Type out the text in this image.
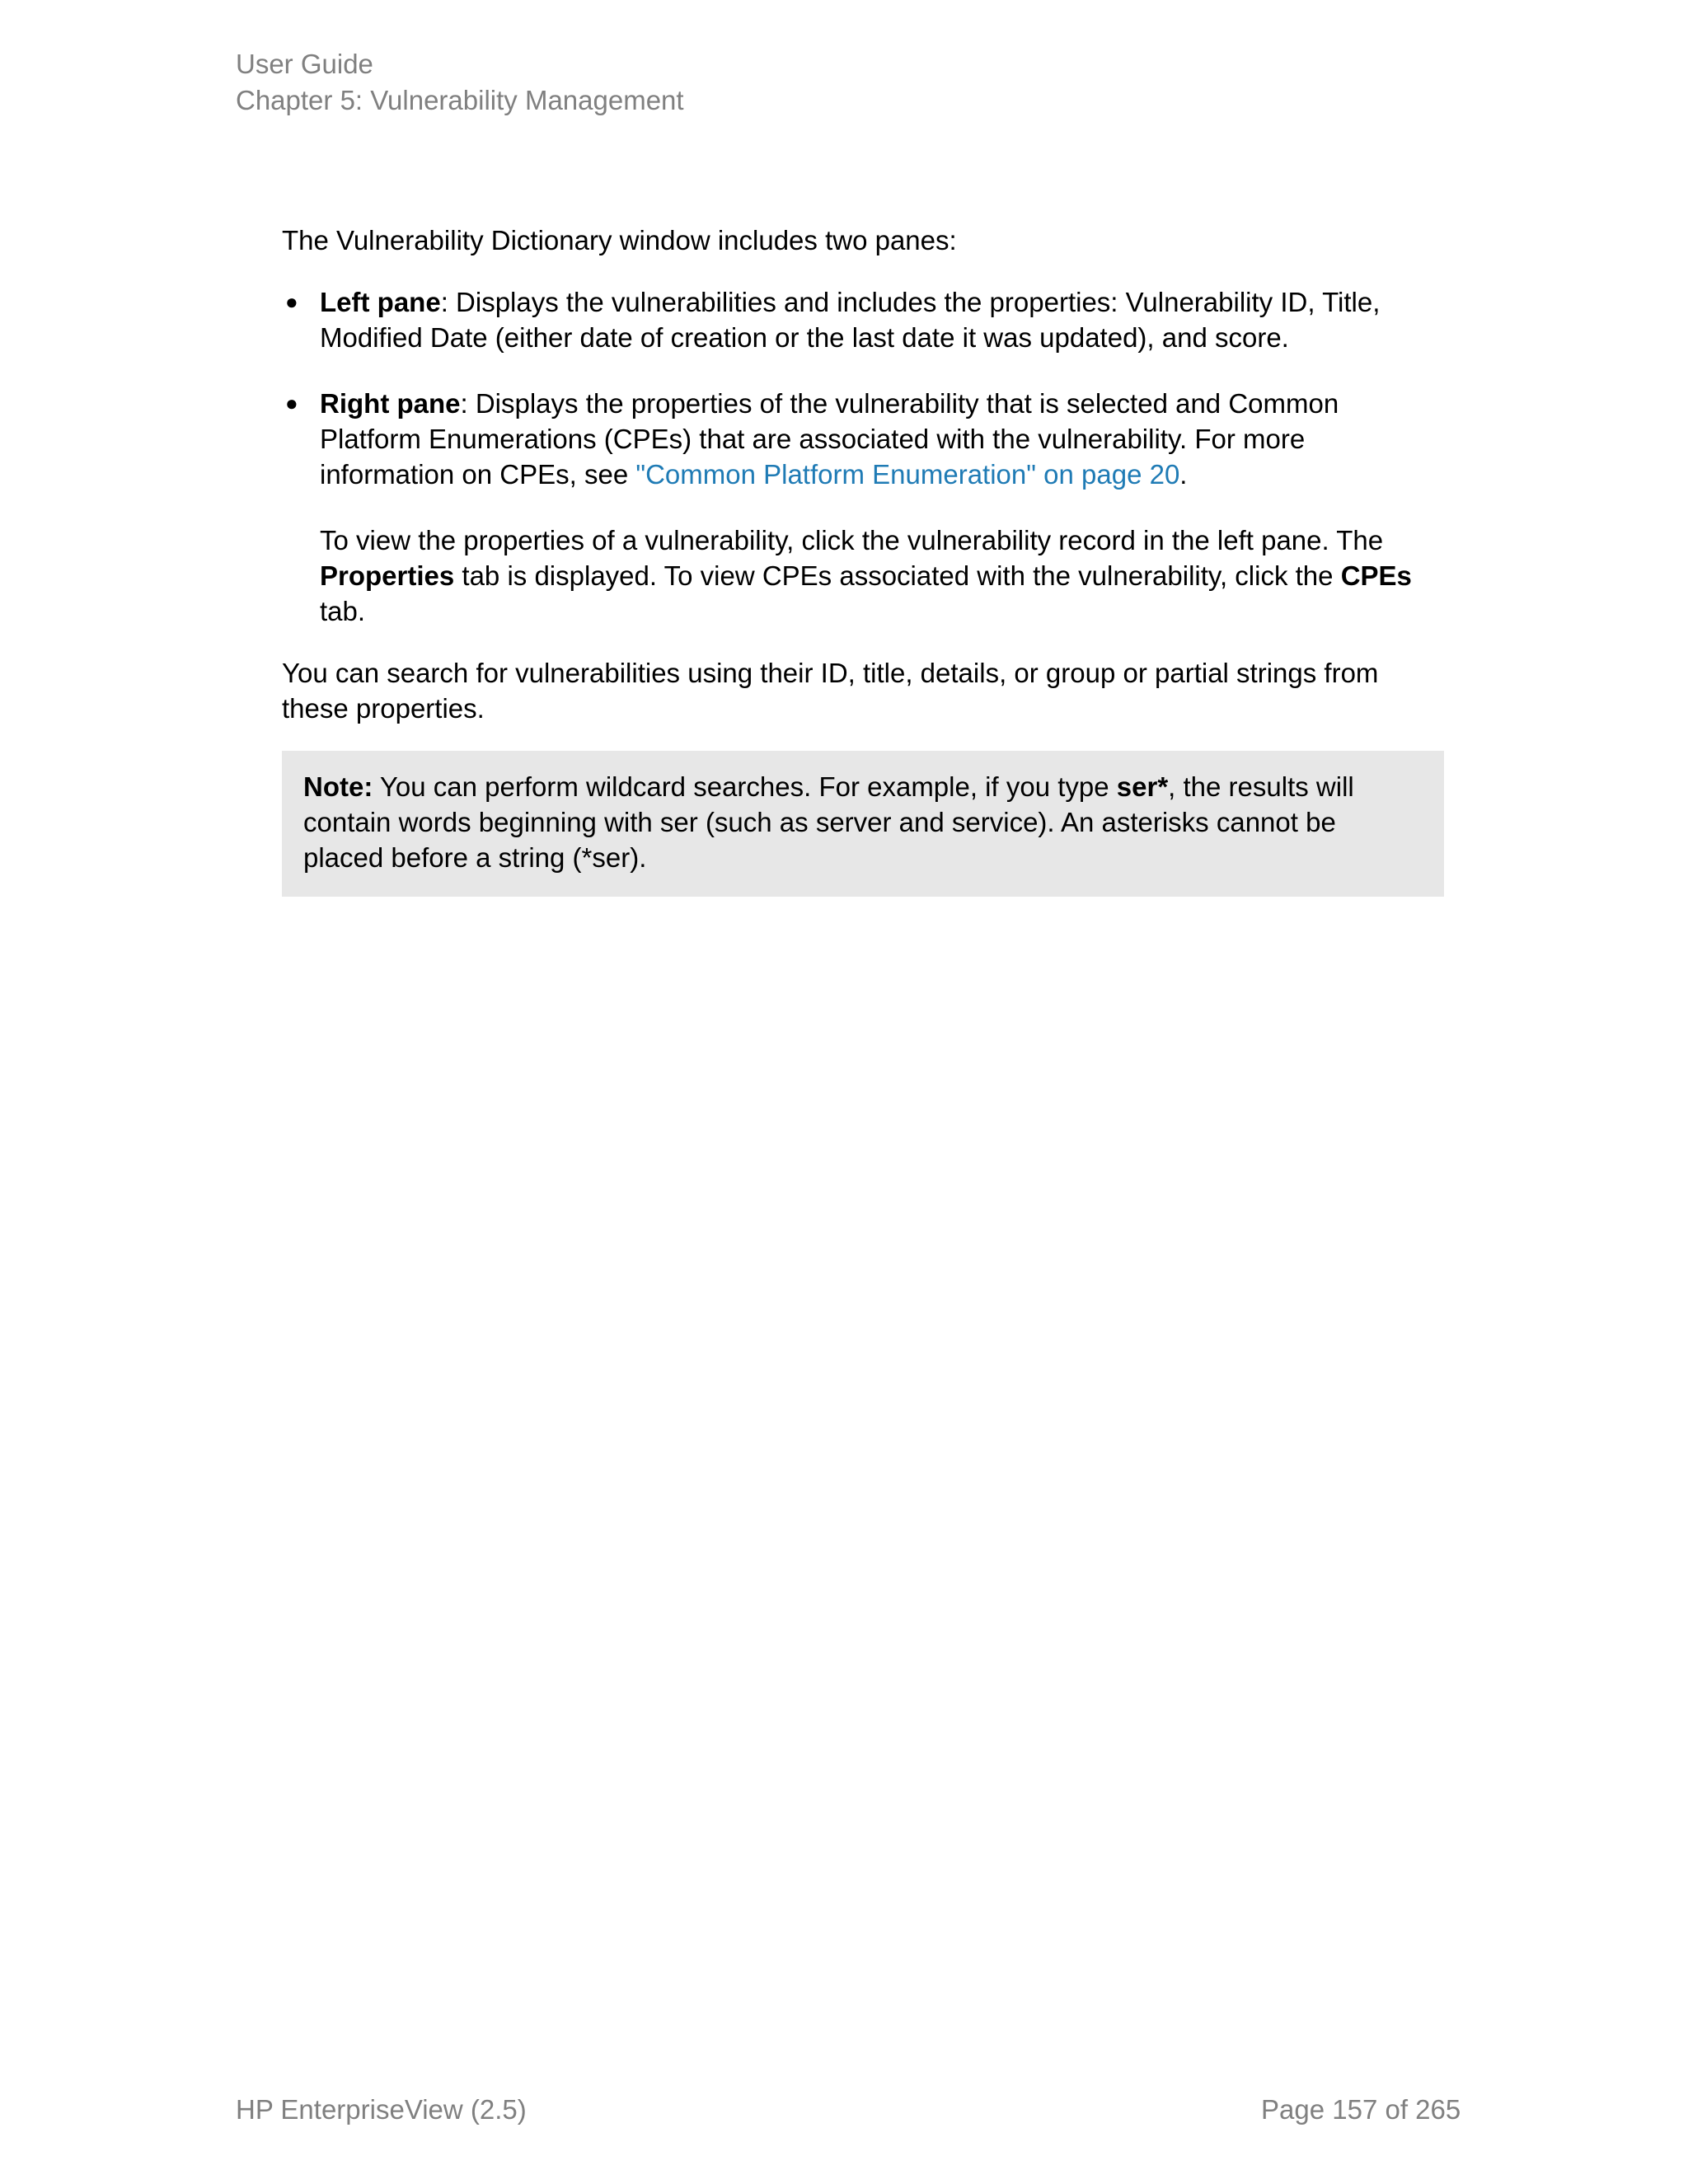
User Guide
Chapter 5: Vulnerability Management

The Vulnerability Dictionary window includes two panes:

● Left pane: Displays the vulnerabilities and includes the properties: Vulnerability ID, Title, Modified Date (either date of creation or the last date it was updated), and score.
● Right pane: Displays the properties of the vulnerability that is selected and Common Platform Enumerations (CPEs) that are associated with the vulnerability. For more information on CPEs, see "Common Platform Enumeration" on page 20.

To view the properties of a vulnerability, click the vulnerability record in the left pane. The Properties tab is displayed. To view CPEs associated with the vulnerability, click the CPEs tab.

You can search for vulnerabilities using their ID, title, details, or group or partial strings from these properties.

Note: You can perform wildcard searches. For example, if you type ser*, the results will contain words beginning with ser (such as server and service). An asterisks cannot be placed before a string (*ser).
HP EnterpriseView (2.5)	Page 157 of 265
